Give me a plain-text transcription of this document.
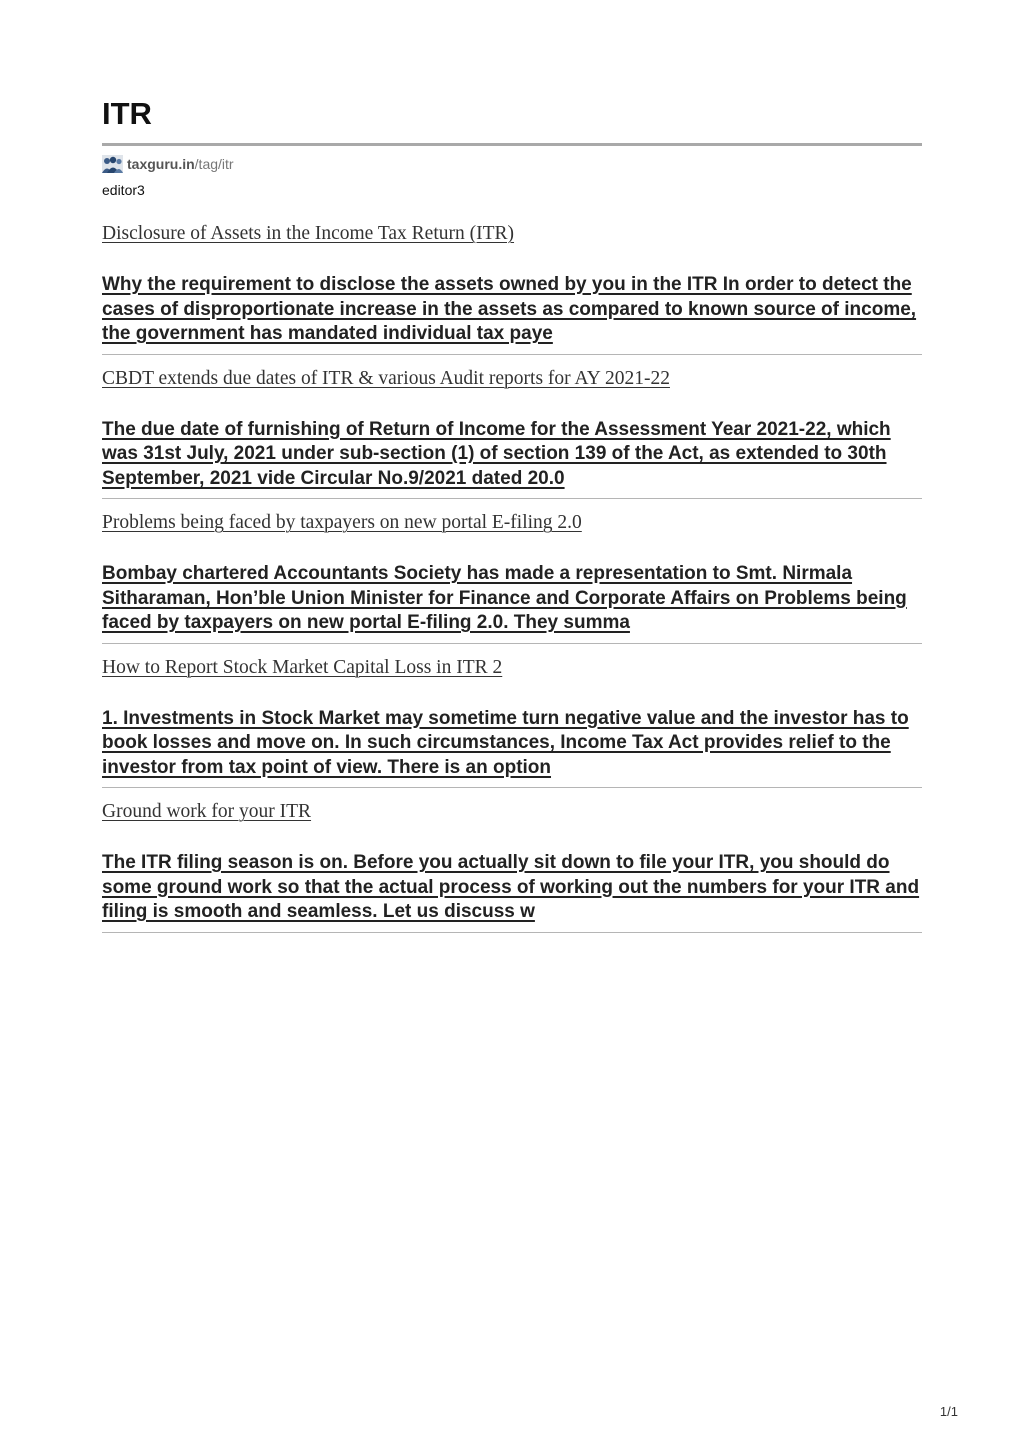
ITR
taxguru.in /tag/itr
editor3
Disclosure of Assets in the Income Tax Return (ITR)
Why the requirement to disclose the assets owned by you in the ITR In order to detect the cases of disproportionate increase in the assets as compared to known source of income, the government has mandated individual tax paye
CBDT extends due dates of ITR & various Audit reports for AY 2021-22
The due date of furnishing of Return of Income for the Assessment Year 2021-22, which was 31st July, 2021 under sub-section (1) of section 139 of the Act, as extended to 30th September, 2021 vide Circular No.9/2021 dated 20.0
Problems being faced by taxpayers on new portal E-filing 2.0
Bombay chartered Accountants Society has made a representation to Smt. Nirmala Sitharaman, Hon’ble Union Minister for Finance and Corporate Affairs on Problems being faced by taxpayers on new portal E-filing 2.0. They summa
How to Report Stock Market Capital Loss in ITR 2
1. Investments in Stock Market may sometime turn negative value and the investor has to book losses and move on. In such circumstances, Income Tax Act provides relief to the investor from tax point of view. There is an option
Ground work for your ITR
The ITR filing season is on. Before you actually sit down to file your ITR, you should do some ground work so that the actual process of working out the numbers for your ITR and filing is smooth and seamless. Let us discuss w
1/1
